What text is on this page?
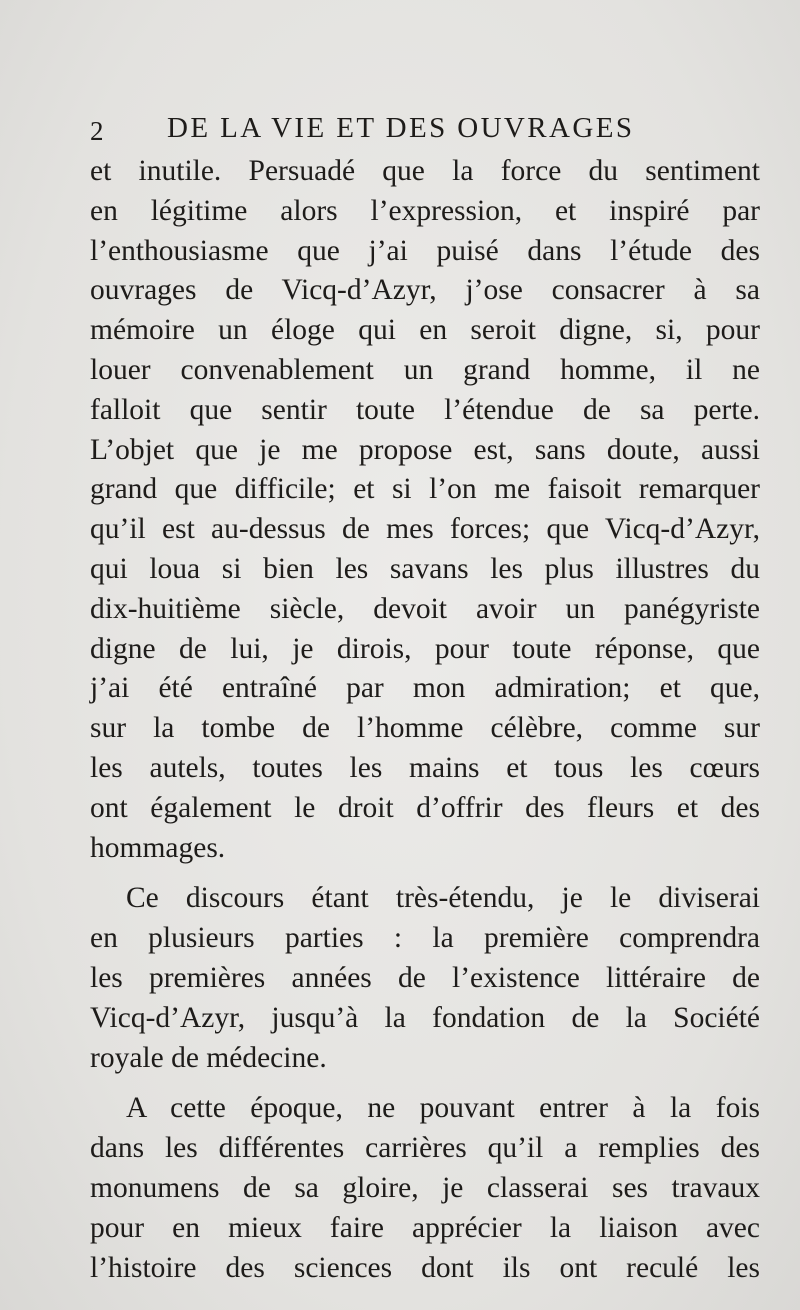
2 DE LA VIE ET DES OUVRAGES
et inutile. Persuadé que la force du sentiment
en légitime alors l’expression, et inspiré par
l’enthousiasme que j’ai puisé dans l’étude des
ouvrages de Vicq-d’Azyr, j’ose consacrer à sa
mémoire un éloge qui en seroit digne, si, pour
louer convenablement un grand homme, il ne
falloit que sentir toute l’étendue de sa perte.
L’objet que je me propose est, sans doute, aussi
grand que difficile; et si l’on me faisoit remarquer
qu’il est au-dessus de mes forces; que Vicq-d’Azyr,
qui loua si bien les savans les plus illustres du
dix-huitième siècle, devoit avoir un panégyriste
digne de lui, je dirois, pour toute réponse, que
j’ai été entraîné par mon admiration; et que,
sur la tombe de l’homme célèbre, comme sur
les autels, toutes les mains et tous les cœurs
ont également le droit d’offrir des fleurs et des
hommages.
Ce discours étant très-étendu, je le diviserai
en plusieurs parties : la première comprendra
les premières années de l’existence littéraire de
Vicq-d’Azyr, jusqu’à la fondation de la Société
royale de médecine.
A cette époque, ne pouvant entrer à la fois
dans les différentes carrières qu’il a remplies des
monumens de sa gloire, je classerai ses travaux
pour en mieux faire apprécier la liaison avec
l’histoire des sciences dont ils ont reculé les
